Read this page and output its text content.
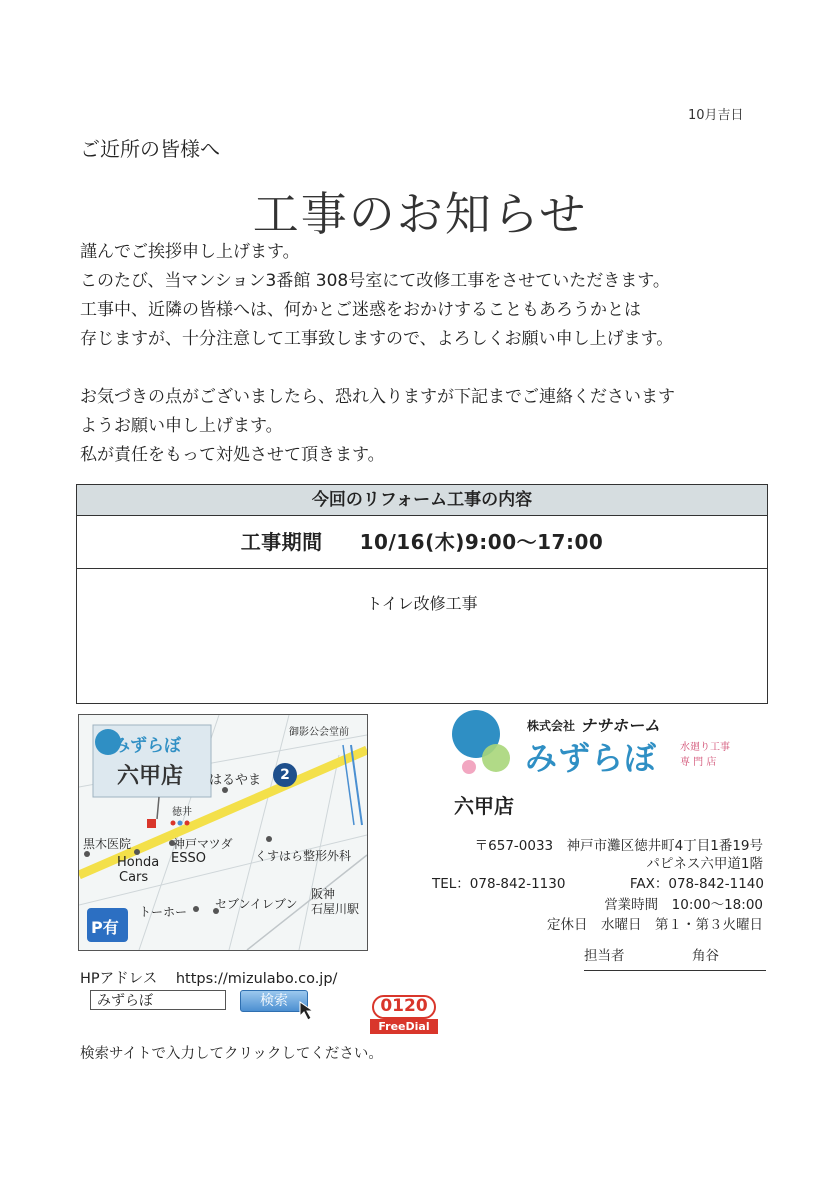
10月吉日
ご近所の皆様へ
工事のお知らせ

謹んでご挨拶申し上げます。

このたび、当マンション3番館 308号室にて改修工事をさせていただきます。

工事中、近隣の皆様へは、何かとご迷惑をおかけすることもあろうかとは

存じますが、十分注意して工事致しますので、よろしくお願い申し上げます。

お気づきの点がございましたら、恐れ入りますが下記までご連絡くださいます

ようお願い申し上げます。

私が責任をもって対処させて頂きます。

今回のリフォーム工事の内容
工事期間 10/16(木)9:00～17:00
トイレ改修工事
みずらぼ
六甲店
御影公会堂前
はるやま	2
徳井
黒木医院	神戸マツダ
ESSO	くすはら整形外科
Honda
Cars
セブンイレブン
トーホー
阪神
石屋川駅
P有
株式会社 ナサホーム
みずらぼ 水廻り工事
専 門 店
六甲店
〒657-0033　神戸市灘区徳井町4丁目1番19号
パピネス六甲道1階
TEL：078-842-1130	FAX：078-842-1140
営業時間　10:00～18:00
定休日　水曜日　第１・第３火曜日
担当者	角谷
HPアドレス https://mizulabo.co.jp/
みずらぼ	検索	0120
FreeDial
検索サイトで入力してクリックしてください。
